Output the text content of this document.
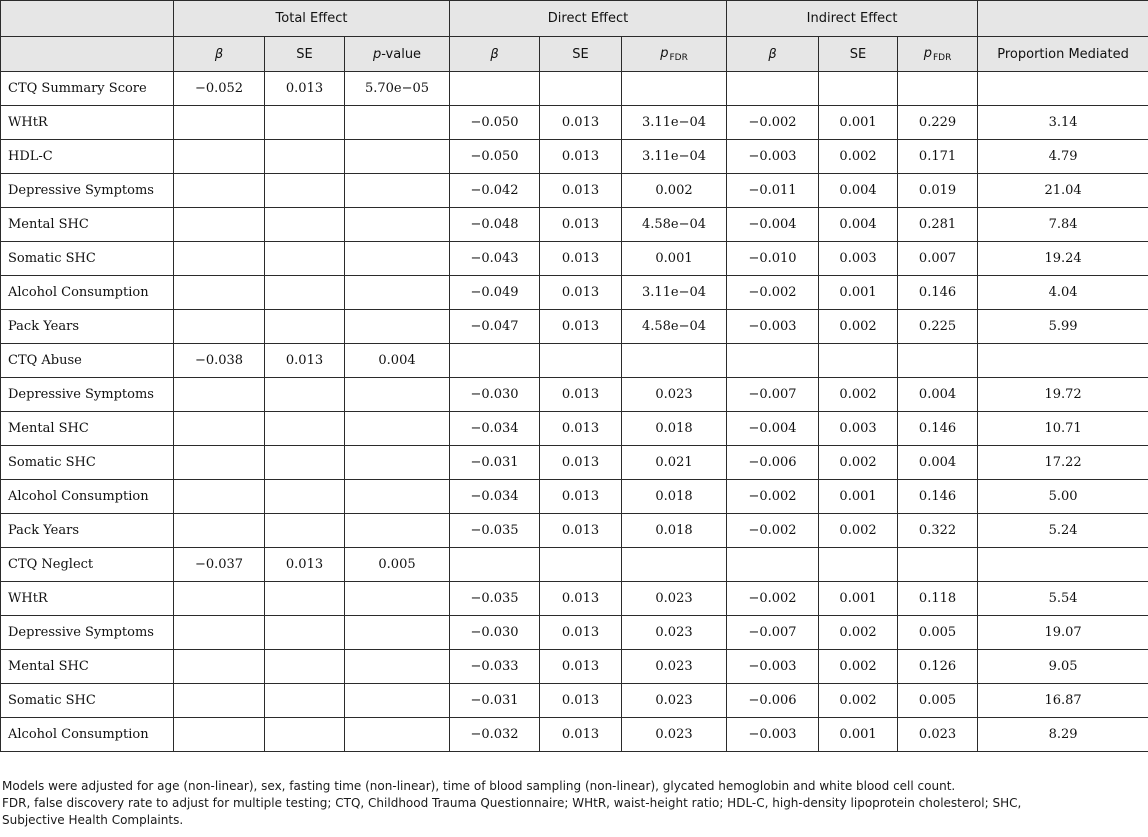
	Total Effect			Direct Effect			Indirect Effect			
	β	SE	p-value	β	SE	$p_{FDR}$	β	SE	$p_{FDR}$	Proportion Mediated
CTQ Summary Score	−0.052	0.013	5.70e−05							
WHtR				−0.050	0.013	3.11e−04	−0.002	0.001	0.229	3.14
HDL-C				−0.050	0.013	3.11e−04	−0.003	0.002	0.171	4.79
Depressive Symptoms				−0.042	0.013	0.002	−0.011	0.004	0.019	21.04
Mental SHC				−0.048	0.013	4.58e−04	−0.004	0.004	0.281	7.84
Somatic SHC				−0.043	0.013	0.001	−0.010	0.003	0.007	19.24
Alcohol Consumption				−0.049	0.013	3.11e−04	−0.002	0.001	0.146	4.04
Pack Years				−0.047	0.013	4.58e−04	−0.003	0.002	0.225	5.99
CTQ Abuse	−0.038	0.013	0.004							
Depressive Symptoms				−0.030	0.013	0.023	−0.007	0.002	0.004	19.72
Mental SHC				−0.034	0.013	0.018	−0.004	0.003	0.146	10.71
Somatic SHC				−0.031	0.013	0.021	−0.006	0.002	0.004	17.22
Alcohol Consumption				−0.034	0.013	0.018	−0.002	0.001	0.146	5.00
Pack Years				−0.035	0.013	0.018	−0.002	0.002	0.322	5.24
CTQ Neglect	−0.037	0.013	0.005							
WHtR				−0.035	0.013	0.023	−0.002	0.001	0.118	5.54
Depressive Symptoms				−0.030	0.013	0.023	−0.007	0.002	0.005	19.07
Mental SHC				−0.033	0.013	0.023	−0.003	0.002	0.126	9.05
Somatic SHC				−0.031	0.013	0.023	−0.006	0.002	0.005	16.87
Alcohol Consumption				−0.032	0.013	0.023	−0.003	0.001	0.023	8.29

Models were adjusted for age (non-linear), sex, fasting time (non-linear), time of blood sampling (non-linear), glycated hemoglobin and white blood cell count.

FDR, false discovery rate to adjust for multiple testing; CTQ, Childhood Trauma Questionnaire; WHtR, waist-height ratio; HDL-C, high-density lipoprotein cholesterol; SHC,

Subjective Health Complaints.
